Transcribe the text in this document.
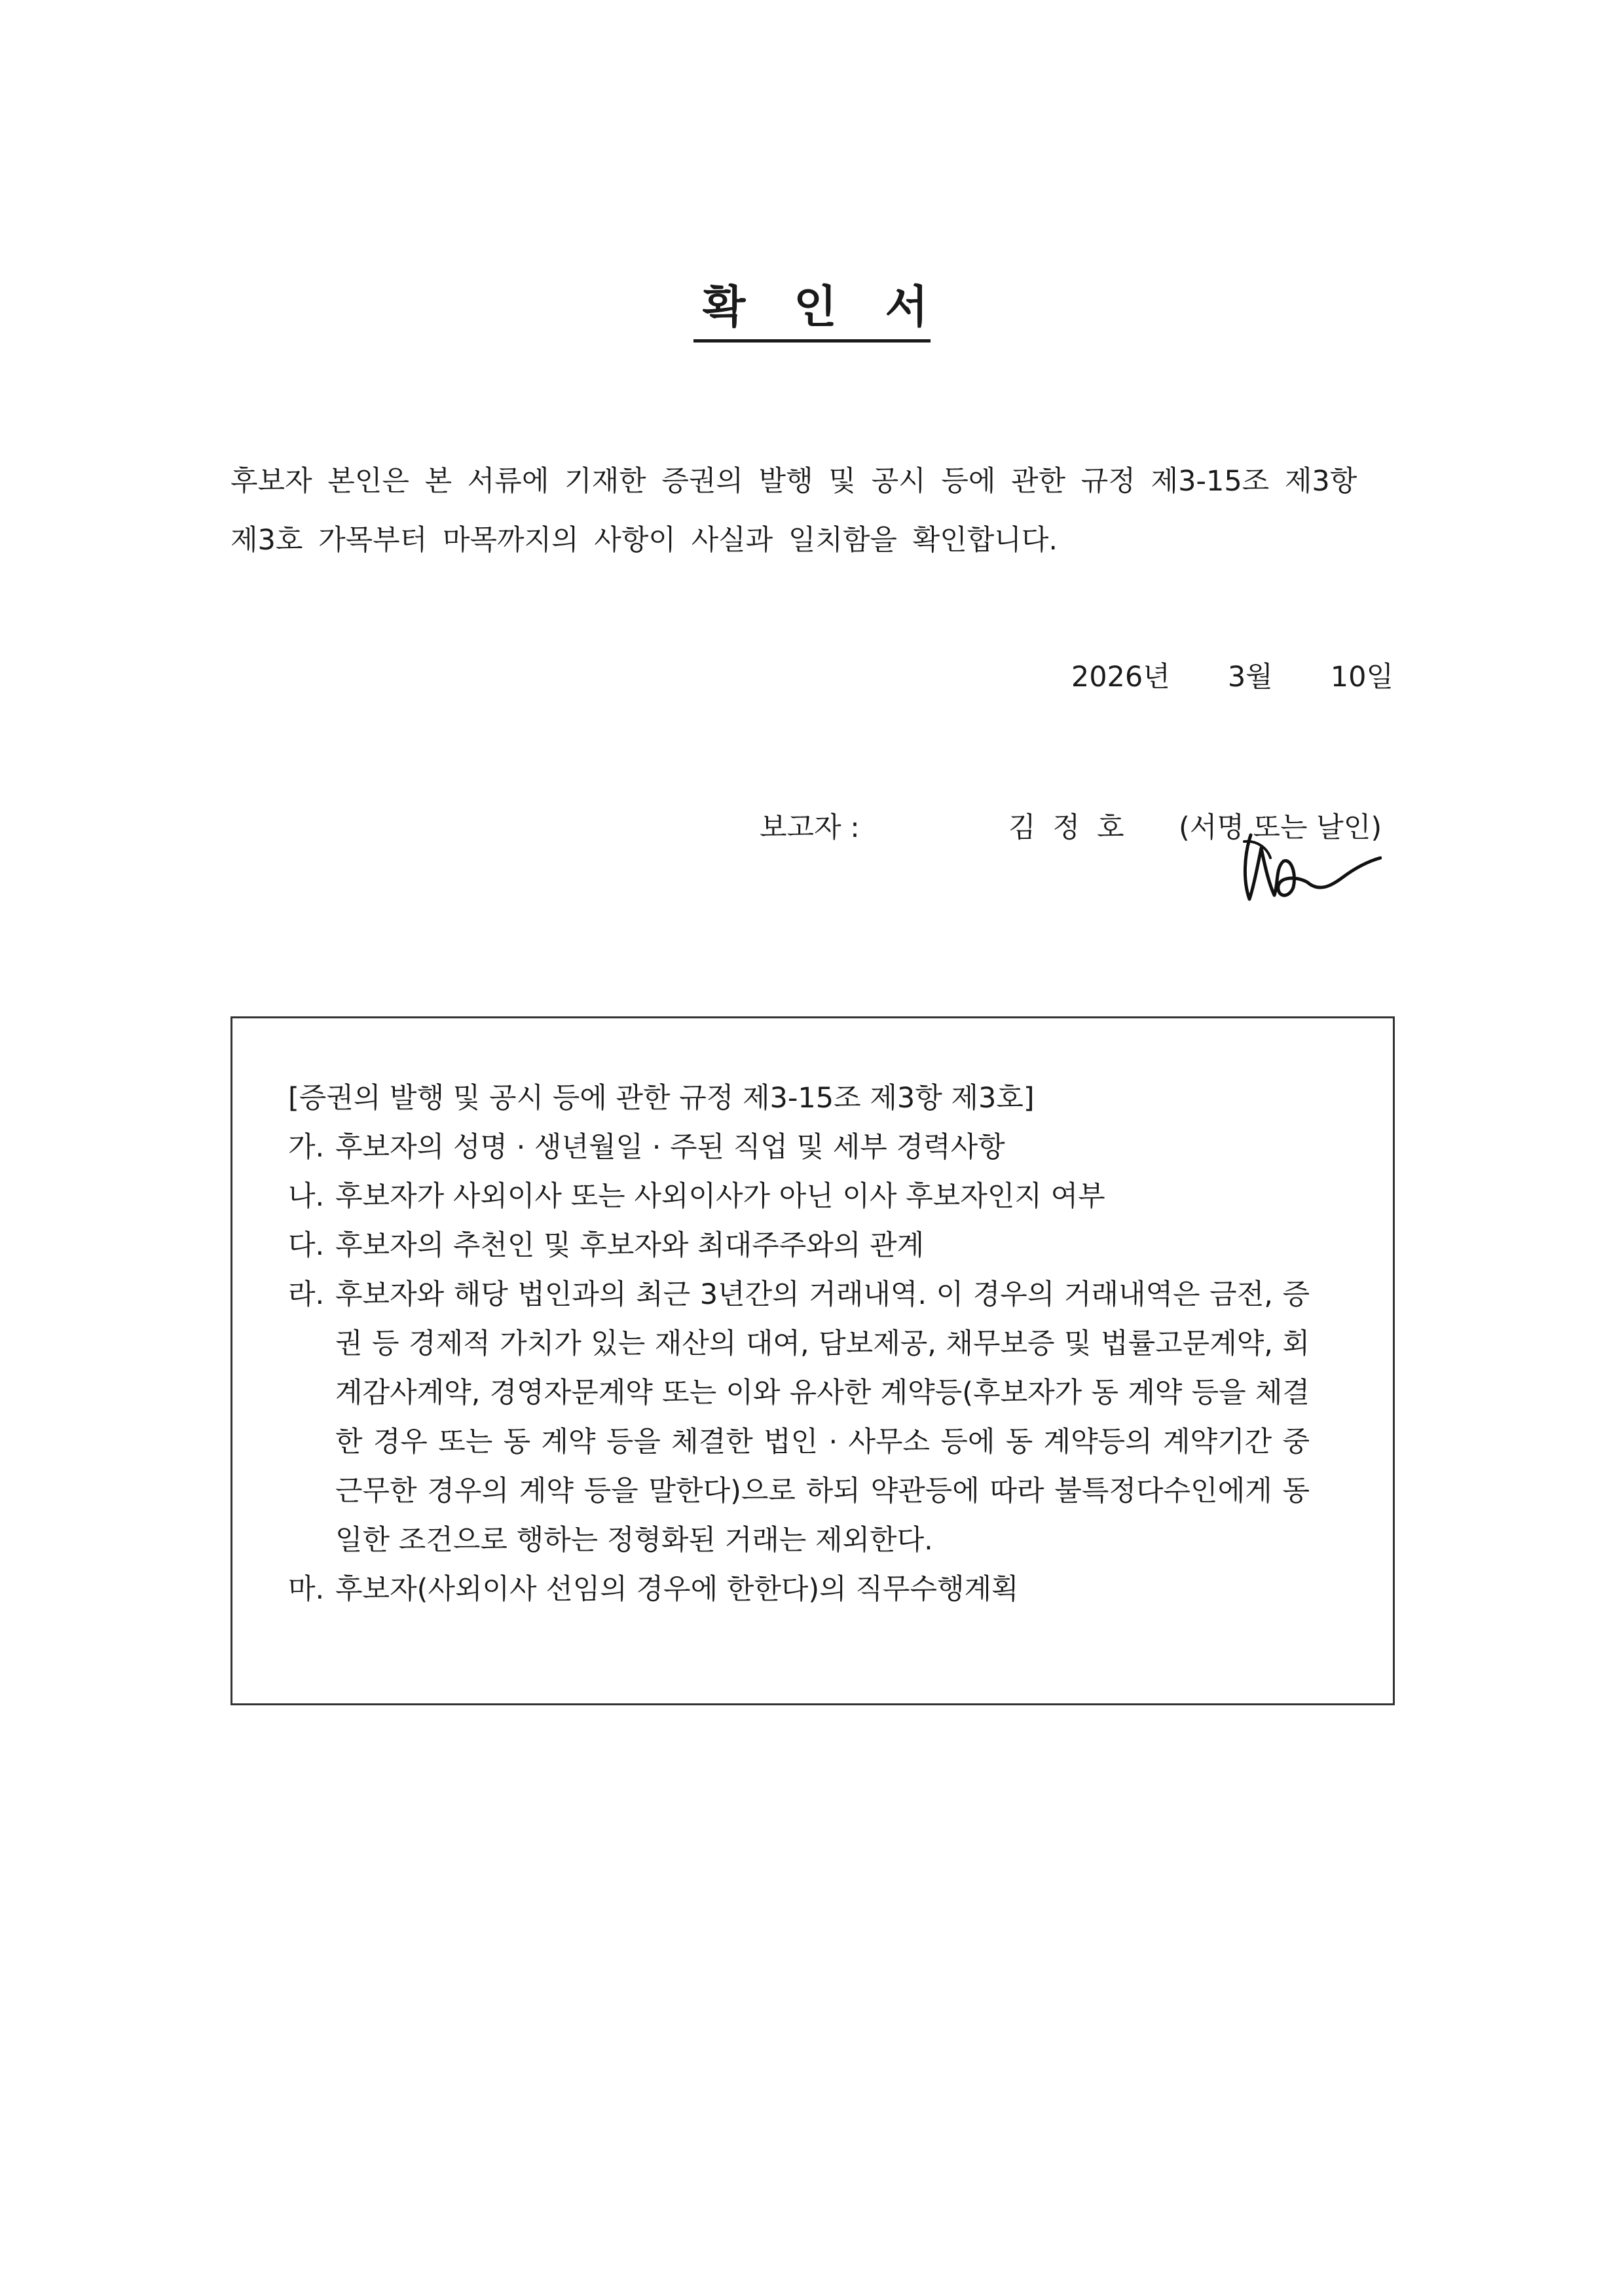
확 인 서

후보자 본인은 본 서류에 기재한 증권의 발행 및 공시 등에 관한 규정 제3-15조 제3항

제3호 가목부터 마목까지의 사항이 사실과 일치함을 확인합니다.

2026년 3월 10일
보고자 :	김정호 (서명 또는 날인)

[증권의 발행 및 공시 등에 관한 규정 제3-15조 제3항 제3호]

가. 후보자의 성명 · 생년월일 · 주된 직업 및 세부 경력사항

나. 후보자가 사외이사 또는 사외이사가 아닌 이사 후보자인지 여부

다. 후보자의 추천인 및 후보자와 최대주주와의 관계

라. 후보자와 해당 법인과의 최근 3년간의 거래내역. 이 경우의 거래내역은 금전, 증권 등 경제적 가치가 있는 재산의 대여, 담보제공, 채무보증 및 법률고문계약, 회계감사계약, 경영자문계약 또는 이와 유사한 계약등(후보자가 동 계약 등을 체결한 경우 또는 동 계약 등을 체결한 법인 · 사무소 등에 동 계약등의 계약기간 중 근무한 경우의 계약 등을 말한다)으로 하되 약관등에 따라 불특정다수인에게 동일한 조건으로 행하는 정형화된 거래는 제외한다.

마. 후보자(사외이사 선임의 경우에 한한다)의 직무수행계획
